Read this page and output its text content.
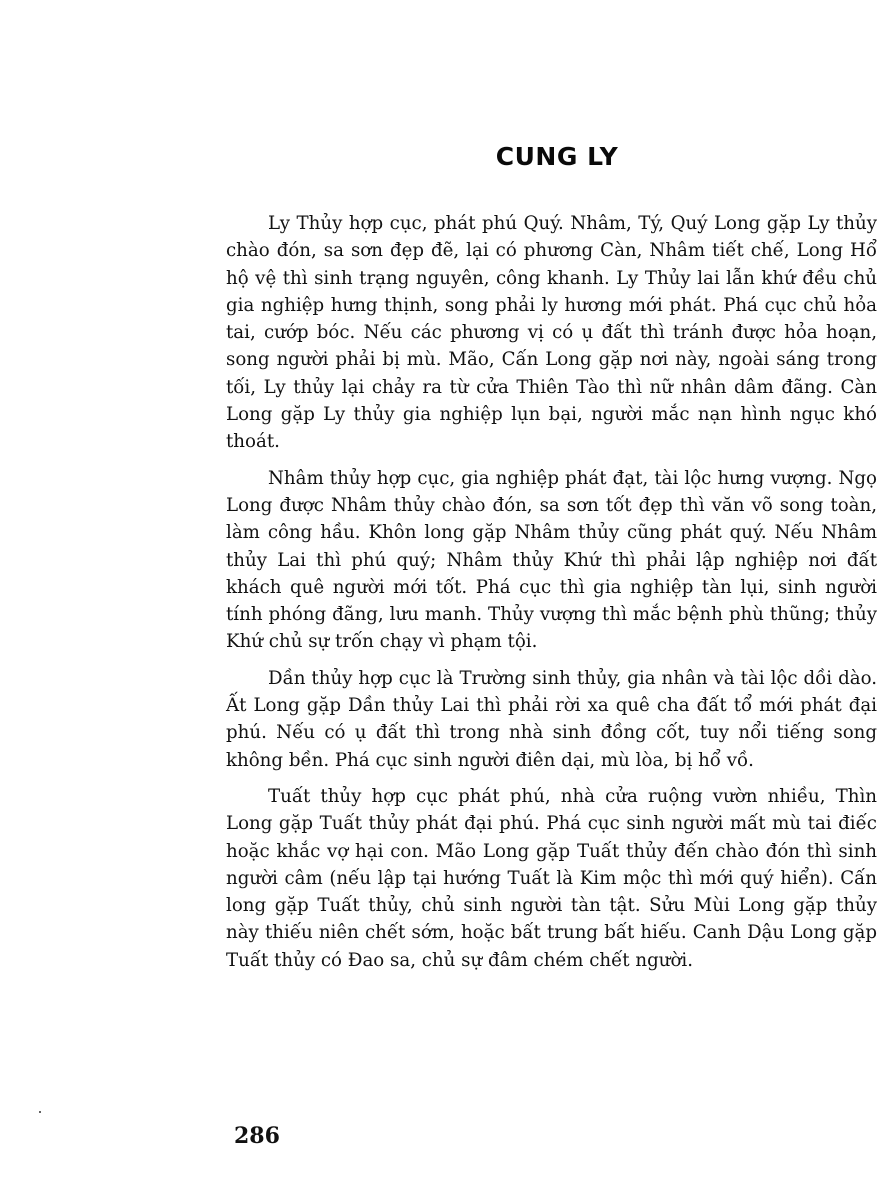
CUNG LY

Ly Thủy hợp cục, phát phú Quý. Nhâm, Tý, Quý Long gặp Ly thủy chào đón, sa sơn đẹp đẽ, lại có phương Càn, Nhâm tiết chế, Long Hổ hộ vệ thì sinh trạng nguyên, công khanh. Ly Thủy lai lẫn khứ đều chủ gia nghiệp hưng thịnh, song phải ly hương mới phát. Phá cục chủ hỏa tai, cướp bóc. Nếu các phương vị có ụ đất thì tránh được hỏa hoạn, song người phải bị mù. Mão, Cấn Long gặp nơi này, ngoài sáng trong tối, Ly thủy lại chảy ra từ cửa Thiên Tào thì nữ nhân dâm đãng. Càn Long gặp Ly thủy gia nghiệp lụn bại, người mắc nạn hình ngục khó thoát.

Nhâm thủy hợp cục, gia nghiệp phát đạt, tài lộc hưng vượng. Ngọ Long được Nhâm thủy chào đón, sa sơn tốt đẹp thì văn võ song toàn, làm công hầu. Khôn long gặp Nhâm thủy cũng phát quý. Nếu Nhâm thủy Lai thì phú quý; Nhâm thủy Khứ thì phải lập nghiệp nơi đất khách quê người mới tốt. Phá cục thì gia nghiệp tàn lụi, sinh người tính phóng đãng, lưu manh. Thủy vượng thì mắc bệnh phù thũng; thủy Khứ chủ sự trốn chạy vì phạm tội.

Dần thủy hợp cục là Trường sinh thủy, gia nhân và tài lộc dồi dào. Ất Long gặp Dần thủy Lai thì phải rời xa quê cha đất tổ mới phát đại phú. Nếu có ụ đất thì trong nhà sinh đồng cốt, tuy nổi tiếng song không bền. Phá cục sinh người điên dại, mù lòa, bị hổ vồ.

Tuất thủy hợp cục phát phú, nhà cửa ruộng vườn nhiều, Thìn Long gặp Tuất thủy phát đại phú. Phá cục sinh người mất mù tai điếc hoặc khắc vợ hại con. Mão Long gặp Tuất thủy đến chào đón thì sinh người câm (nếu lập tại hướng Tuất là Kim mộc thì mới quý hiển). Cấn long gặp Tuất thủy, chủ sinh người tàn tật. Sửu Mùi Long gặp thủy này thiếu niên chết sớm, hoặc bất trung bất hiếu. Canh Dậu Long gặp Tuất thủy có Đao sa, chủ sự đâm chém chết người.

286
